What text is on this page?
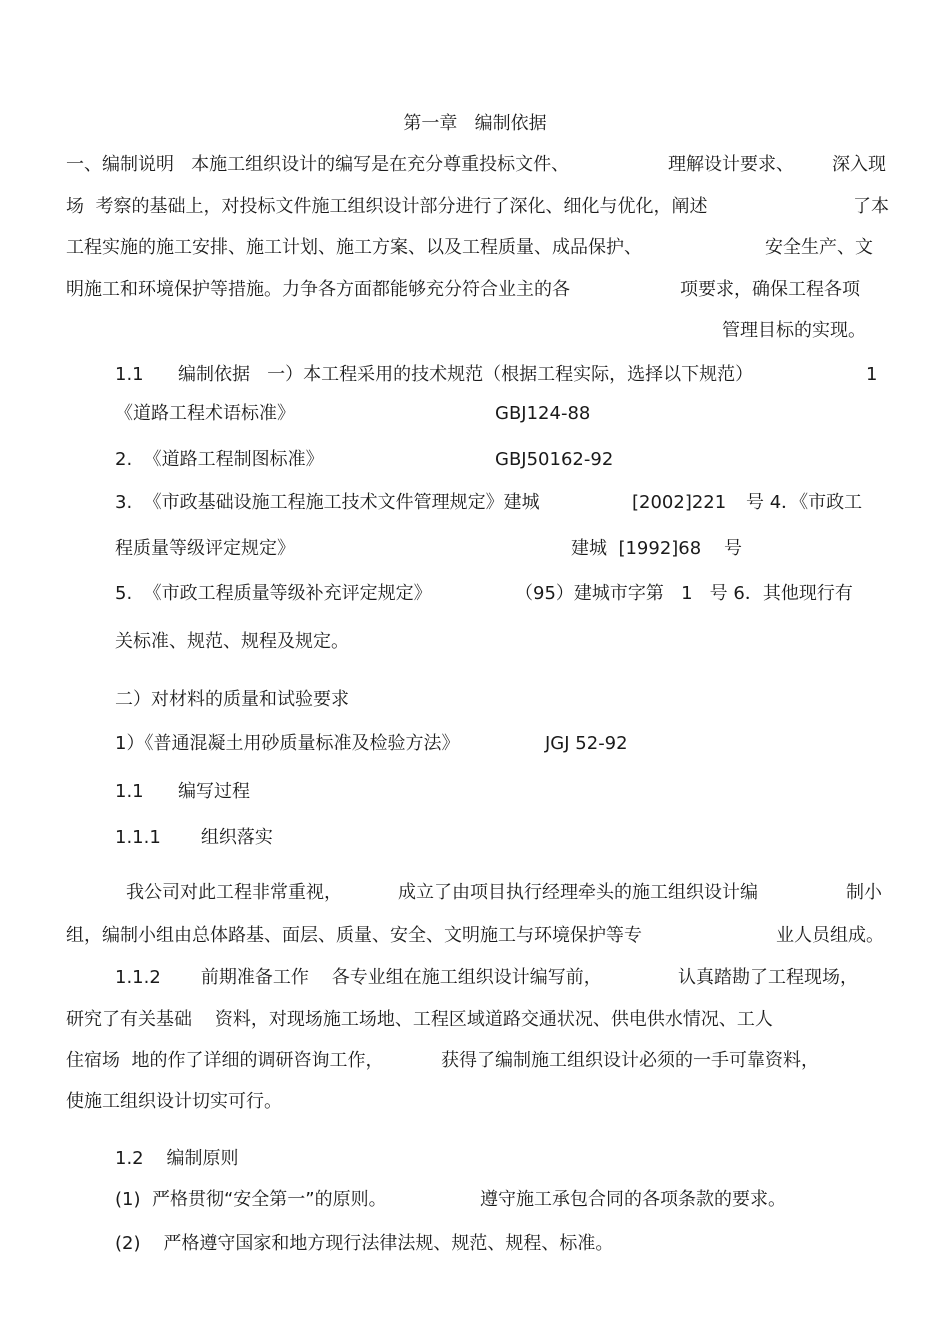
第一章   编制依据

一、编制说明   本施工组织设计的编写是在充分尊重投标文件、

	理解设计要求、

深入现

场  考察的基础上，对投标文件施工组织设计部分进行了深化、细化与优化，阐述

	了本

工程实施的施工安排、施工计划、施工方案、以及工程质量、成品保护、

	安全生产、文

明施工和环境保护等措施。力争各方面都能够充分符合业主的各

	项要求，确保工程各项

管理目标的实现。

1.1      编制依据   一）本工程采用的技术规范（根据工程实际，选择以下规范）

	1

《道路工程术语标准》

	GBJ124-88

2.  《道路工程制图标准》

	GBJ50162-92

3.  《市政基础设施工程施工技术文件管理规定》建城

	[2002]221

号 4．《市政工

程质量等级评定规定》

	建城  [1992]68

号

5.  《市政工程质量等级补充评定规定》

	（95）建城市字第   1   号 6．其他现行有

关标准、规范、规程及规定。

二）对材料的质量和试验要求

1）《普通混凝土用砂质量标准及检验方法》

	JGJ 52-92

1.1      编写过程

1.1.1       组织落实

我公司对此工程非常重视，

	成立了由项目执行经理牵头的施工组织设计编

	制小

组，编制小组由总体路基、面层、质量、安全、文明施工与环境保护等专

	业人员组成。

1.1.2       前期准备工作    各专业组在施工组织设计编写前，

	认真踏勘了工程现场，

研究了有关基础    资料，对现场施工场地、工程区域道路交通状况、供电供水情况、工人

住宿场  地的作了详细的调研咨询工作，

	获得了编制施工组织设计必须的一手可靠资料，

使施工组织设计切实可行。

1.2    编制原则

(1)  严格贯彻“安全第一”的原则。

	遵守施工承包合同的各项条款的要求。

(2)    严格遵守国家和地方现行法律法规、规范、规程、标准。
